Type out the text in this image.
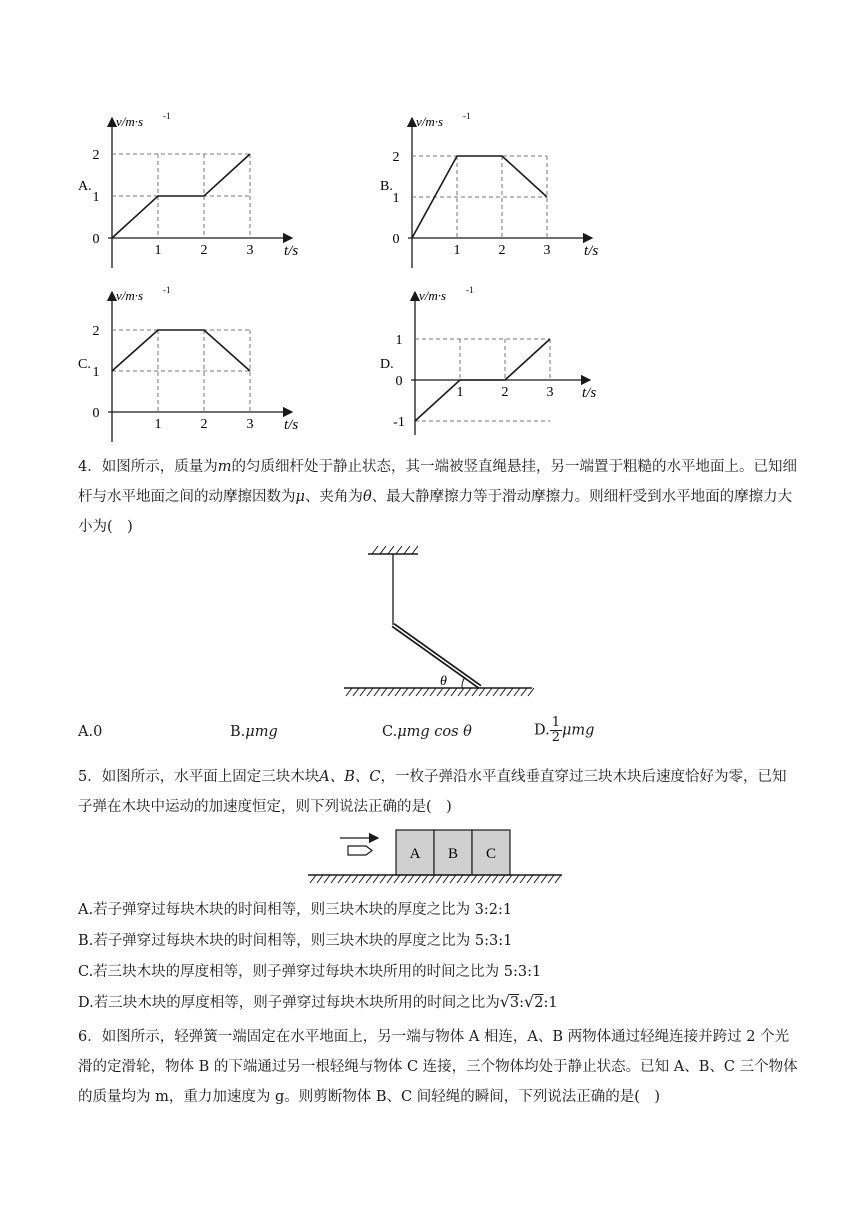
A.
v/m·s -1
t/s
0
1
2
1	2	3
B.
v/m·s -1
t/s
0
1
2
1	2	3
C.
v/m·s -1
t/s
0
1
2
1	2	3
D.
v/m·s -1
t/s
-1
0
1
1	2	3
4．如图所示，质量为m的匀质细杆处于静止状态，其一端被竖直绳悬挂，另一端置于粗糙的水平地面上。已知细杆与水平地面之间的动摩擦因数为μ、夹角为θ、最大静摩擦力等于滑动摩擦力。则细杆受到水平地面的摩擦力大小为(　)
θ
A.0	B.μmg	C.μmg cos θ	D. $\frac{1}{2}$ μmg
5．如图所示，水平面上固定三块木块A、B、C，一枚子弹沿水平直线垂直穿过三块木块后速度恰好为零，已知子弹在木块中运动的加速度恒定，则下列说法正确的是(　)
A B C
A.若子弹穿过每块木块的时间相等，则三块木块的厚度之比为 3:2:1
B.若子弹穿过每块木块的时间相等，则三块木块的厚度之比为 5:3:1
C.若三块木块的厚度相等，则子弹穿过每块木块所用的时间之比为 5:3:1
D.若三块木块的厚度相等，则子弹穿过每块木块所用的时间之比为√3:√2:1
6．如图所示，轻弹簧一端固定在水平地面上，另一端与物体 A 相连，A、B 两物体通过轻绳连接并跨过 2 个光滑的定滑轮，物体 B 的下端通过另一根轻绳与物体 C 连接，三个物体均处于静止状态。已知 A、B、C 三个物体的质量均为 m，重力加速度为 g。则剪断物体 B、C 间轻绳的瞬间，下列说法正确的是(　)
